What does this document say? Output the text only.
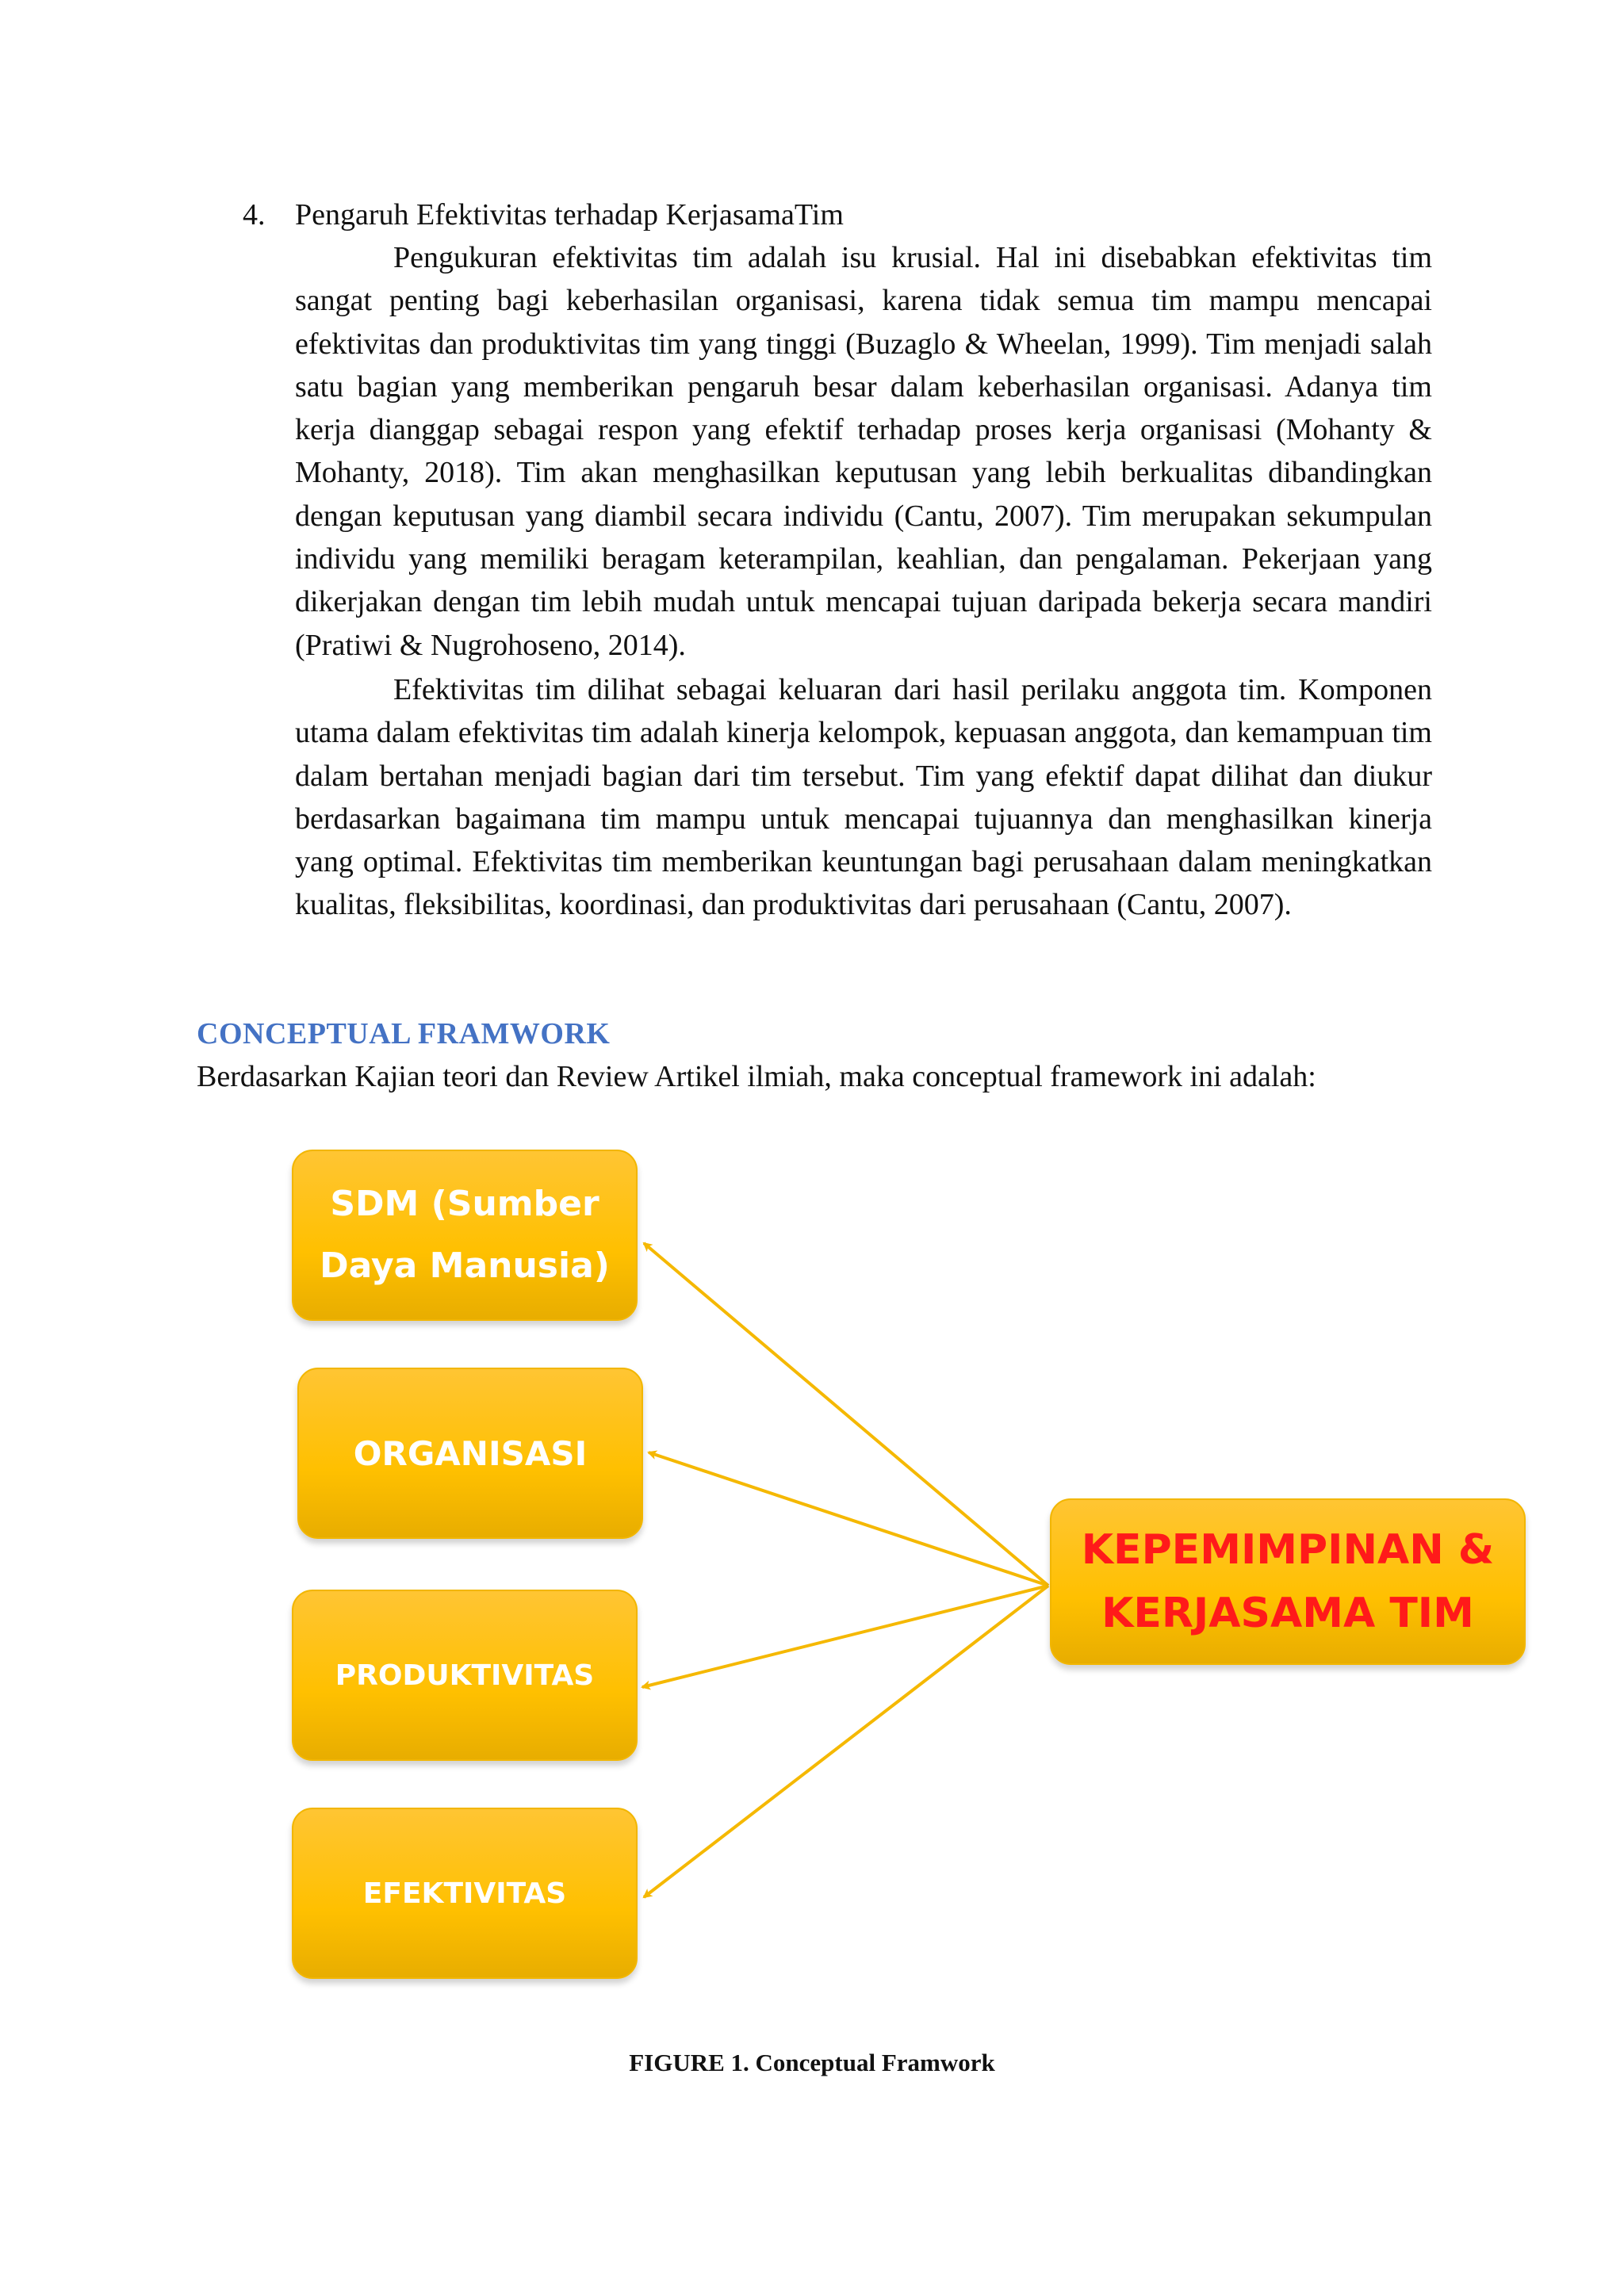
4. Pengaruh Efektivitas terhadap KerjasamaTim

Pengukuran efektivitas tim adalah isu krusial. Hal ini disebabkan efektivitas tim sangat penting bagi keberhasilan organisasi, karena tidak semua tim mampu mencapai efektivitas dan produktivitas tim yang tinggi (Buzaglo & Wheelan, 1999). Tim menjadi salah satu bagian yang memberikan pengaruh besar dalam keberhasilan organisasi. Adanya tim kerja dianggap sebagai respon yang efektif terhadap proses kerja organisasi (Mohanty & Mohanty, 2018). Tim akan menghasilkan keputusan yang lebih berkualitas dibandingkan dengan keputusan yang diambil secara individu (Cantu, 2007). Tim merupakan sekumpulan individu yang memiliki beragam keterampilan, keahlian, dan pengalaman. Pekerjaan yang dikerjakan dengan tim lebih mudah untuk mencapai tujuan daripada bekerja secara mandiri (Pratiwi & Nugrohoseno, 2014).

Efektivitas tim dilihat sebagai keluaran dari hasil perilaku anggota tim. Komponen utama dalam efektivitas tim adalah kinerja kelompok, kepuasan anggota, dan kemampuan tim dalam bertahan menjadi bagian dari tim tersebut. Tim yang efektif dapat dilihat dan diukur berdasarkan bagaimana tim mampu untuk mencapai tujuannya dan menghasilkan kinerja yang optimal. Efektivitas tim memberikan keuntungan bagi perusahaan dalam meningkatkan kualitas, fleksibilitas, koordinasi, dan produktivitas dari perusahaan (Cantu, 2007).

CONCEPTUAL FRAMWORK
Berdasarkan Kajian teori dan Review Artikel ilmiah, maka conceptual framework ini adalah:
SDM (Sumber
Daya Manusia)
ORGANISASI
PRODUKTIVITAS
EFEKTIVITAS
KEPEMIMPINAN &
KERJASAMA TIM
FIGURE 1. Conceptual Framwork
